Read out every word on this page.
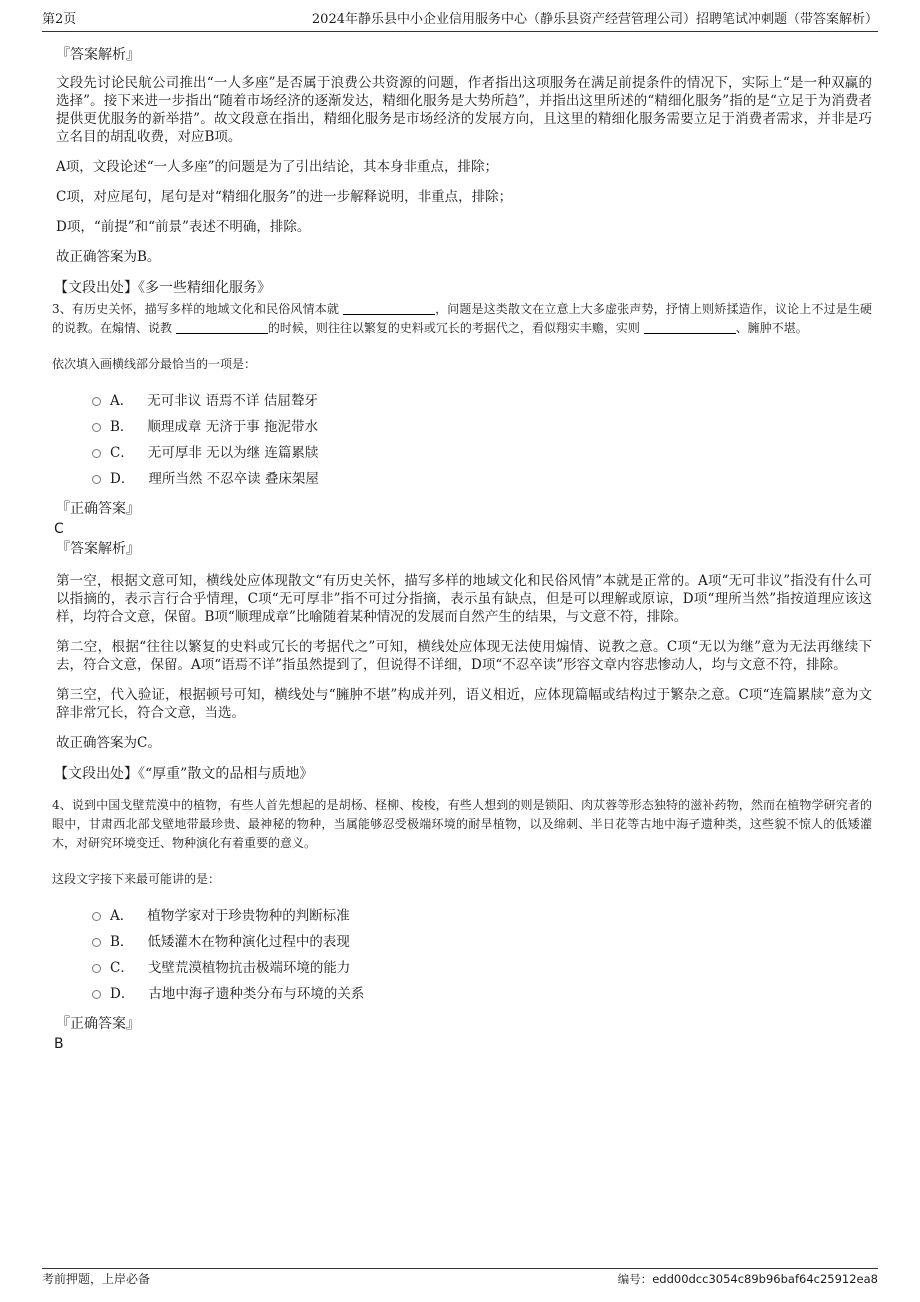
第2页	2024年静乐县中小企业信用服务中心（静乐县资产经营管理公司）招聘笔试冲刺题（带答案解析）
『答案解析』

文段先讨论民航公司推出“一人多座”是否属于浪费公共资源的问题，作者指出这项服务在满足前提条件的情况下，实际上“是一种双赢的选择”。接下来进一步指出“随着市场经济的逐渐发达，精细化服务是大势所趋”，并指出这里所述的“精细化服务”指的是“立足于为消费者提供更优服务的新举措”。故文段意在指出，精细化服务是市场经济的发展方向，且这里的精细化服务需要立足于消费者需求，并非是巧立名目的胡乱收费，对应B项。

A项，文段论述“一人多座”的问题是为了引出结论，其本身非重点，排除；

C项，对应尾句，尾句是对“精细化服务”的进一步解释说明，非重点，排除；

D项，“前提”和“前景”表述不明确，排除。

故正确答案为B。

【文段出处】《多一些精细化服务》

3、有历史关怀，描写多样的地域文化和民俗风情本就	，问题是这类散文在立意上大多虚张声势，抒情上则矫揉造作，议论上不过是生硬的说教。在煽情、说教	的时候，则往往以繁复的史料或冗长的考据代之，看似翔实丰赡，实则	、臃肿不堪。

依次填入画横线部分最恰当的一项是：
A． 无可非议 语焉不详 佶屈聱牙
B． 顺理成章 无济于事 拖泥带水
C． 无可厚非 无以为继 连篇累牍
D． 理所当然 不忍卒读 叠床架屋
『正确答案』
C
『答案解析』

第一空，根据文意可知，横线处应体现散文“有历史关怀，描写多样的地域文化和民俗风情”本就是正常的。A项“无可非议”指没有什么可以指摘的，表示言行合乎情理，C项“无可厚非”指不可过分指摘，表示虽有缺点，但是可以理解或原谅，D项“理所当然”指按道理应该这样，均符合文意，保留。B项“顺理成章”比喻随着某种情况的发展而自然产生的结果，与文意不符，排除。

第二空，根据“往往以繁复的史料或冗长的考据代之”可知，横线处应体现无法使用煽情、说教之意。C项“无以为继”意为无法再继续下去，符合文意，保留。A项“语焉不详”指虽然提到了，但说得不详细，D项“不忍卒读”形容文章内容悲惨动人，均与文意不符，排除。

第三空，代入验证，根据顿号可知，横线处与“臃肿不堪”构成并列，语义相近，应体现篇幅或结构过于繁杂之意。C项“连篇累牍”意为文辞非常冗长，符合文意，当选。

故正确答案为C。

【文段出处】《“厚重”散文的品相与质地》

4、说到中国戈壁荒漠中的植物，有些人首先想起的是胡杨、柽柳、梭梭，有些人想到的则是锁阳、肉苁蓉等形态独特的滋补药物，然而在植物学研究者的眼中，甘肃西北部戈壁地带最珍贵、最神秘的物种，当属能够忍受极端环境的耐旱植物，以及绵刺、半日花等古地中海孑遗种类，这些貌不惊人的低矮灌木，对研究环境变迁、物种演化有着重要的意义。

这段文字接下来最可能讲的是：
A． 植物学家对于珍贵物种的判断标准
B． 低矮灌木在物种演化过程中的表现
C． 戈壁荒漠植物抗击极端环境的能力
D． 古地中海孑遗种类分布与环境的关系
『正确答案』
B
考前押题，上岸必备	编号：edd00dcc3054c89b96baf64c25912ea8
